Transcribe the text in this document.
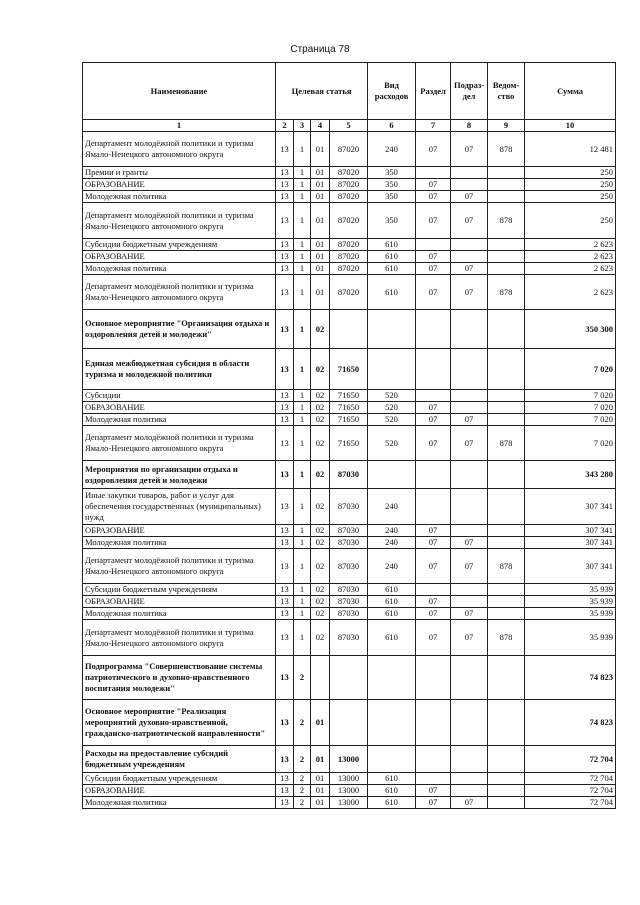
Страница 78
Наименование	Целевая статья				Вид расходов	Раздел	Подраз-дел	Ведом-ство	Сумма
1	2	3	4	5	6	7	8	9	10
Департамент молодёжной политики и туризма Ямало-Ненецкого автономного округа	13	1	01	87020	240	07	07	878	12 481
Премии и гранты	13	1	01	87020	350				250
ОБРАЗОВАНИЕ	13	1	01	87020	350	07			250
Молодежная политика	13	1	01	87020	350	07	07		250
Департамент молодёжной политики и туризма Ямало-Ненецкого автономного округа	13	1	01	87020	350	07	07	878	250
Субсидии бюджетным учреждениям	13	1	01	87020	610				2 623
ОБРАЗОВАНИЕ	13	1	01	87020	610	07			2 623
Молодежная политика	13	1	01	87020	610	07	07		2 623
Департамент молодёжной политики и туризма Ямало-Ненецкого автономного округа	13	1	01	87020	610	07	07	878	2 623
Основное мероприятие "Организация отдыха и оздоровления детей и молодежи"	13	1	02						350 300
Единая межбюджетная субсидия в области туризма и молодежной политики	13	1	02	71650					7 020
Субсидии	13	1	02	71650	520				7 020
ОБРАЗОВАНИЕ	13	1	02	71650	520	07			7 020
Молодежная политика	13	1	02	71650	520	07	07		7 020
Департамент молодёжной политики и туризма Ямало-Ненецкого автономного округа	13	1	02	71650	520	07	07	878	7 020
Мероприятия по организации отдыха и оздоровления детей и молодежи	13	1	02	87030					343 280
Иные закупки товаров, работ и услуг для обеспечения государственных (муниципальных) нужд	13	1	02	87030	240				307 341
ОБРАЗОВАНИЕ	13	1	02	87030	240	07			307 341
Молодежная политика	13	1	02	87030	240	07	07		307 341
Департамент молодёжной политики и туризма Ямало-Ненецкого автономного округа	13	1	02	87030	240	07	07	878	307 341
Субсидии бюджетным учреждениям	13	1	02	87030	610				35 939
ОБРАЗОВАНИЕ	13	1	02	87030	610	07			35 939
Молодежная политика	13	1	02	87030	610	07	07		35 939
Департамент молодёжной политики и туризма Ямало-Ненецкого автономного округа	13	1	02	87030	610	07	07	878	35 939
Подпрограмма "Совершенствование системы патриотического и духовно-нравственного воспитания молодежи"	13	2							74 823
Основное мероприятие "Реализация мероприятий духовно-нравственной, гражданско-патриотической направленности"	13	2	01						74 823
Расходы на предоставление субсидий бюджетным учреждениям	13	2	01	13000					72 704
Субсидии бюджетным учреждениям	13	2	01	13000	610				72 704
ОБРАЗОВАНИЕ	13	2	01	13000	610	07			72 704
Молодежная политика	13	2	01	13000	610	07	07		72 704
